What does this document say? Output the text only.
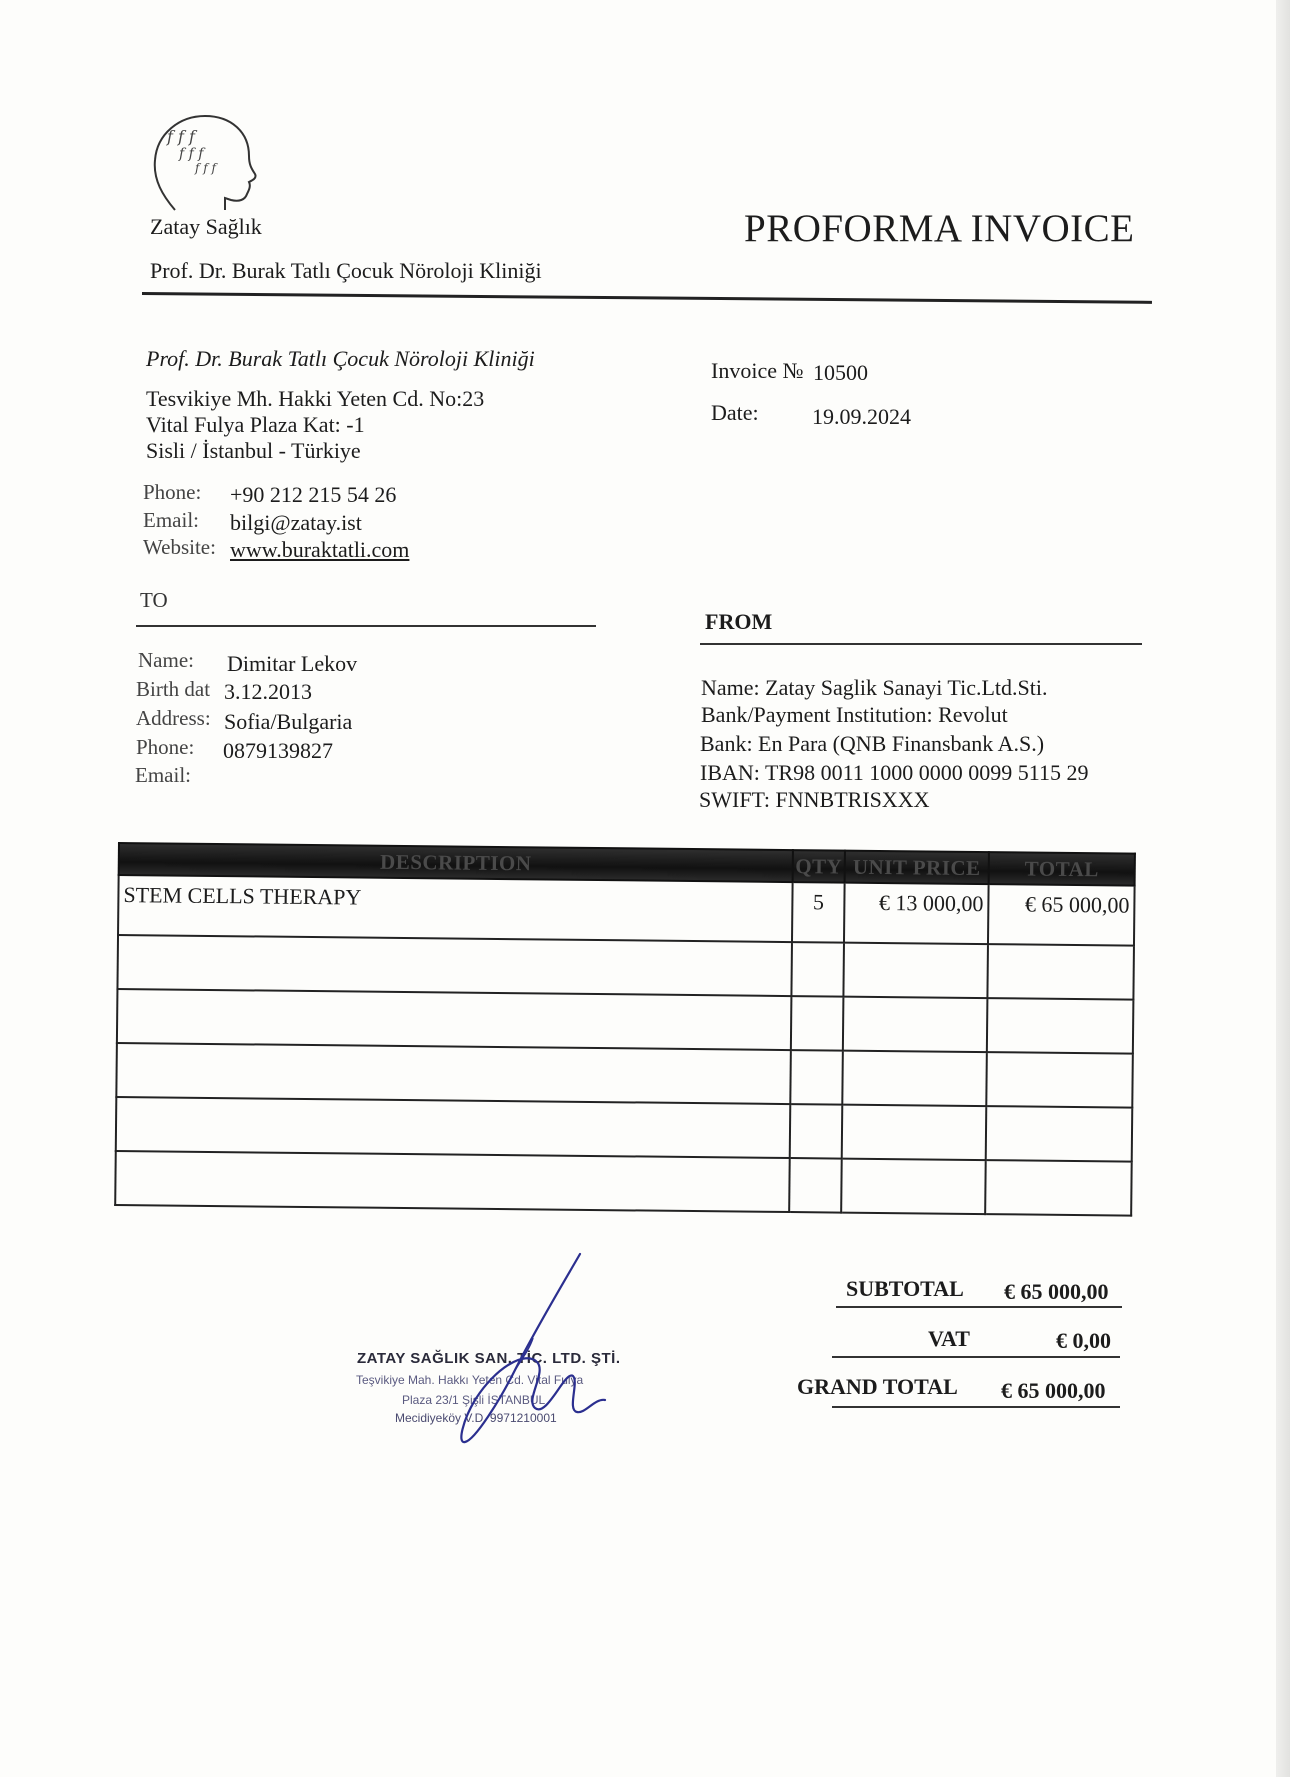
f f f
f f f
f f f
Zatay Sağlık
Prof. Dr. Burak Tatlı Çocuk Nöroloji Kliniği
PROFORMA INVOICE
Prof. Dr. Burak Tatlı Çocuk Nöroloji Kliniği
Tesvikiye Mh. Hakki Yeten Cd. No:23
Vital Fulya Plaza Kat: -1
Sisli / İstanbul - Türkiye
Phone: +90 212 215 54 26
Email: bilgi@zatay.ist
Website: www.buraktatli.com
Invoice № 10500
Date: 19.09.2024
TO
FROM
Name: Dimitar Lekov
Birth dat 3.12.2013
Address: Sofia/Bulgaria
Phone: 0879139827
Email:
Name: Zatay Saglik Sanayi Tic.Ltd.Sti.
Bank/Payment Institution: Revolut
Bank: En Para (QNB Finansbank A.S.)
IBAN: TR98 0011 1000 0000 0099 5115 29
SWIFT: FNNBTRISXXX
DESCRIPTION	QTY	UNIT PRICE	TOTAL
STEM CELLS THERAPY	5	€ 13 000,00	€ 65 000,00

SUBTOTAL € 65 000,00
VAT	€ 0,00
GRAND TOTAL € 65 000,00
ZATAY SAĞLIK SAN. TİC. LTD. ŞTİ.
Teşvikiye Mah. Hakkı Yeten Cd. Vital Fulya
Plaza 23/1 Şişli İSTANBUL
Mecidiyeköy V.D. 9971210001
